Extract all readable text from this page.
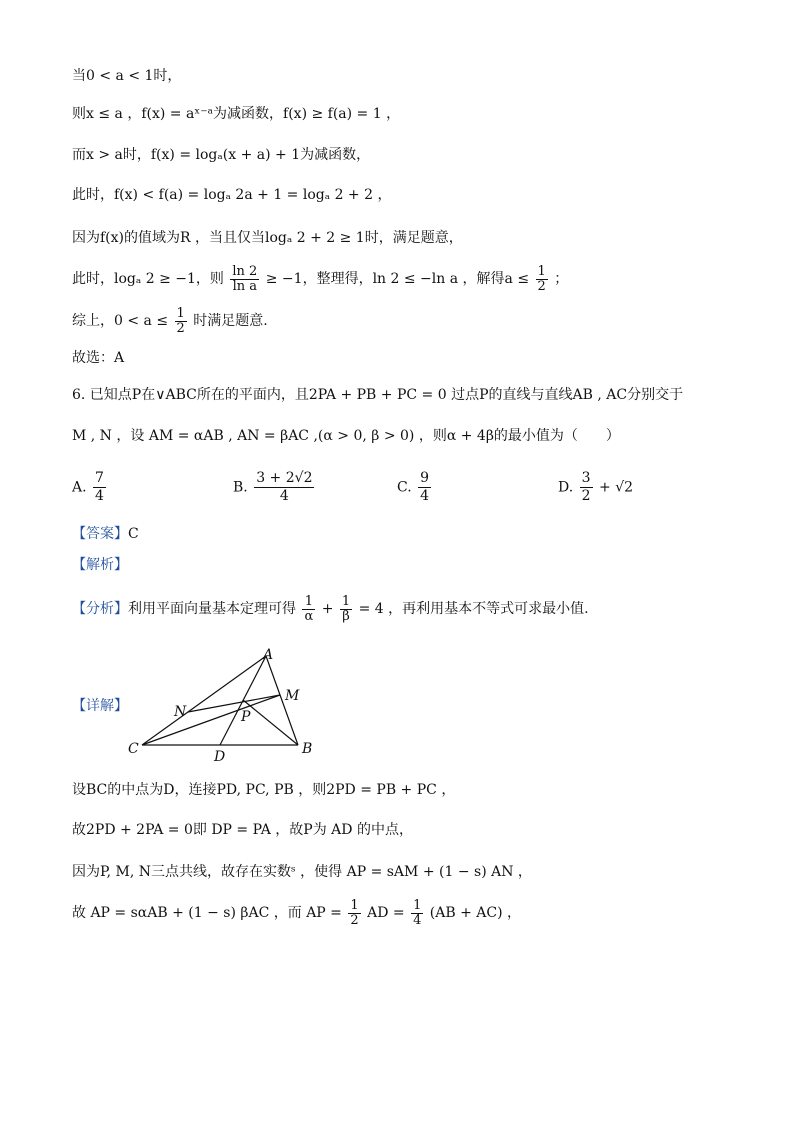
当0 < a < 1时，
则x ≤ a ，f(x) = aˣ⁻ᵃ为减函数，f(x) ≥ f(a) = 1 ，
而x > a时，f(x) = logₐ(x + a) + 1为减函数，
此时，f(x) < f(a) = logₐ 2a + 1 = logₐ 2 + 2 ，
因为f(x)的值域为R ，当且仅当logₐ 2 + 2 ≥ 1时，满足题意，
此时，logₐ 2 ≥ −1，则 $\frac{\ln 2}{\text{ln a}} \ge -1$，整理得，ln 2 ≤ −ln a ，解得$a \le \frac{1}{2}$ ；
综上，$0 < a \le \frac{1}{2}$ 时满足题意.
故选：A
6. 已知点P在∨ABC所在的平面内，且2PA + PB + PC = 0 过点P的直线与直线AB , AC分别交于
M , N ，设 AM = αAB , AN = βAC ,(α > 0, β > 0) ，则α + 4β的最小值为（　　）
A. $\frac{7}{4}$	B. $\frac{3 + 2√2}{4}$	C. $\frac{9}{4}$	D. $\frac{3}{2} + √2$
【答案】C
【解析】
【分析】利用平面向量基本定理可得 $\frac{1}{\alpha} + \frac{1}{\beta} = 4$ ，再利用基本不等式可求最小值.
【详解】
A
B
C	D
M
N	P
设BC的中点为D，连接PD, PC, PB ，则2PD = PB + PC ，
故2PD + 2PA = 0即 DP = PA ，故P为 AD 的中点，
因为P, M, N三点共线，故存在实数ˢ ，使得 AP = sAM + (1 − s) AN ，
故 AP = sαAB + (1 − s) βAC ，而 AP = $\frac{1}{2}$ AD = $\frac{1}{4} (AB + AC)$ ，
